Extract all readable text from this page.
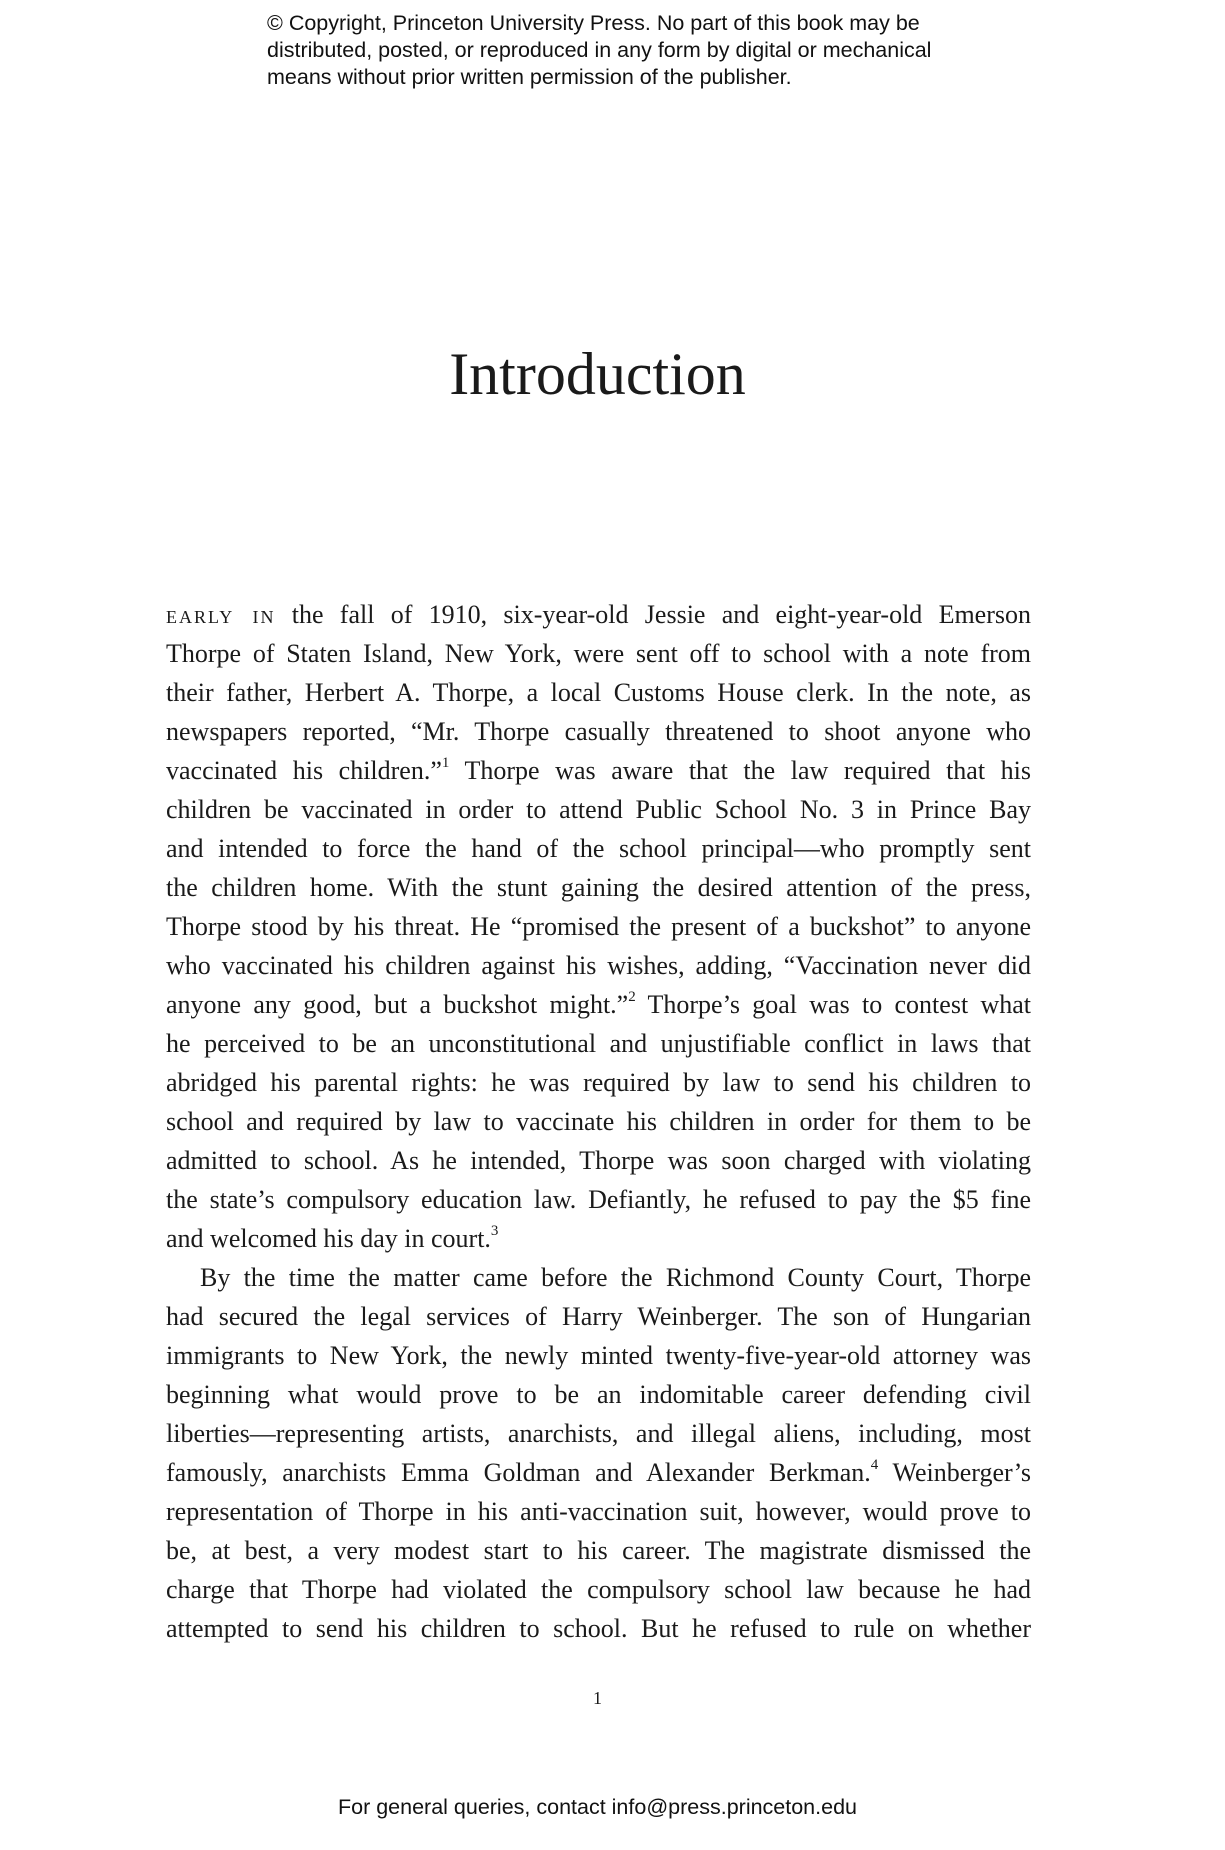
© Copyright, Princeton University Press. No part of this book may be
distributed, posted, or reproduced in any form by digital or mechanical
means without prior written permission of the publisher.
Introduction
early in the fall of 1910, six-year-old Jessie and eight-year-old Emerson
Thorpe of Staten Island, New York, were sent off to school with a note from
their father, Herbert A. Thorpe, a local Customs House clerk. In the note, as
newspapers reported, “Mr. Thorpe casually threatened to shoot anyone who
vaccinated his children.”$^1$ Thorpe was aware that the law required that his
children be vaccinated in order to attend Public School No. 3 in Prince Bay
and intended to force the hand of the school principal—who promptly sent
the children home. With the stunt gaining the desired attention of the press,
Thorpe stood by his threat. He “promised the present of a buckshot” to anyone
who vaccinated his children against his wishes, adding, “Vaccination never did
anyone any good, but a buckshot might.”$^2$ Thorpe’s goal was to contest what
he perceived to be an unconstitutional and unjustifiable conflict in laws that
abridged his parental rights: he was required by law to send his children to
school and required by law to vaccinate his children in order for them to be
admitted to school. As he intended, Thorpe was soon charged with violating
the state’s compulsory education law. Defiantly, he refused to pay the $5 fine
and welcomed his day in court.$^3$
By the time the matter came before the Richmond County Court, Thorpe
had secured the legal services of Harry Weinberger. The son of Hungarian
immigrants to New York, the newly minted twenty-five-year-old attorney was
beginning what would prove to be an indomitable career defending civil
liberties—representing artists, anarchists, and illegal aliens, including, most
famously, anarchists Emma Goldman and Alexander Berkman.$^4$ Weinberger’s
representation of Thorpe in his anti-vaccination suit, however, would prove to
be, at best, a very modest start to his career. The magistrate dismissed the
charge that Thorpe had violated the compulsory school law because he had
attempted to send his children to school. But he refused to rule on whether
1
For general queries, contact info@press.princeton.edu
